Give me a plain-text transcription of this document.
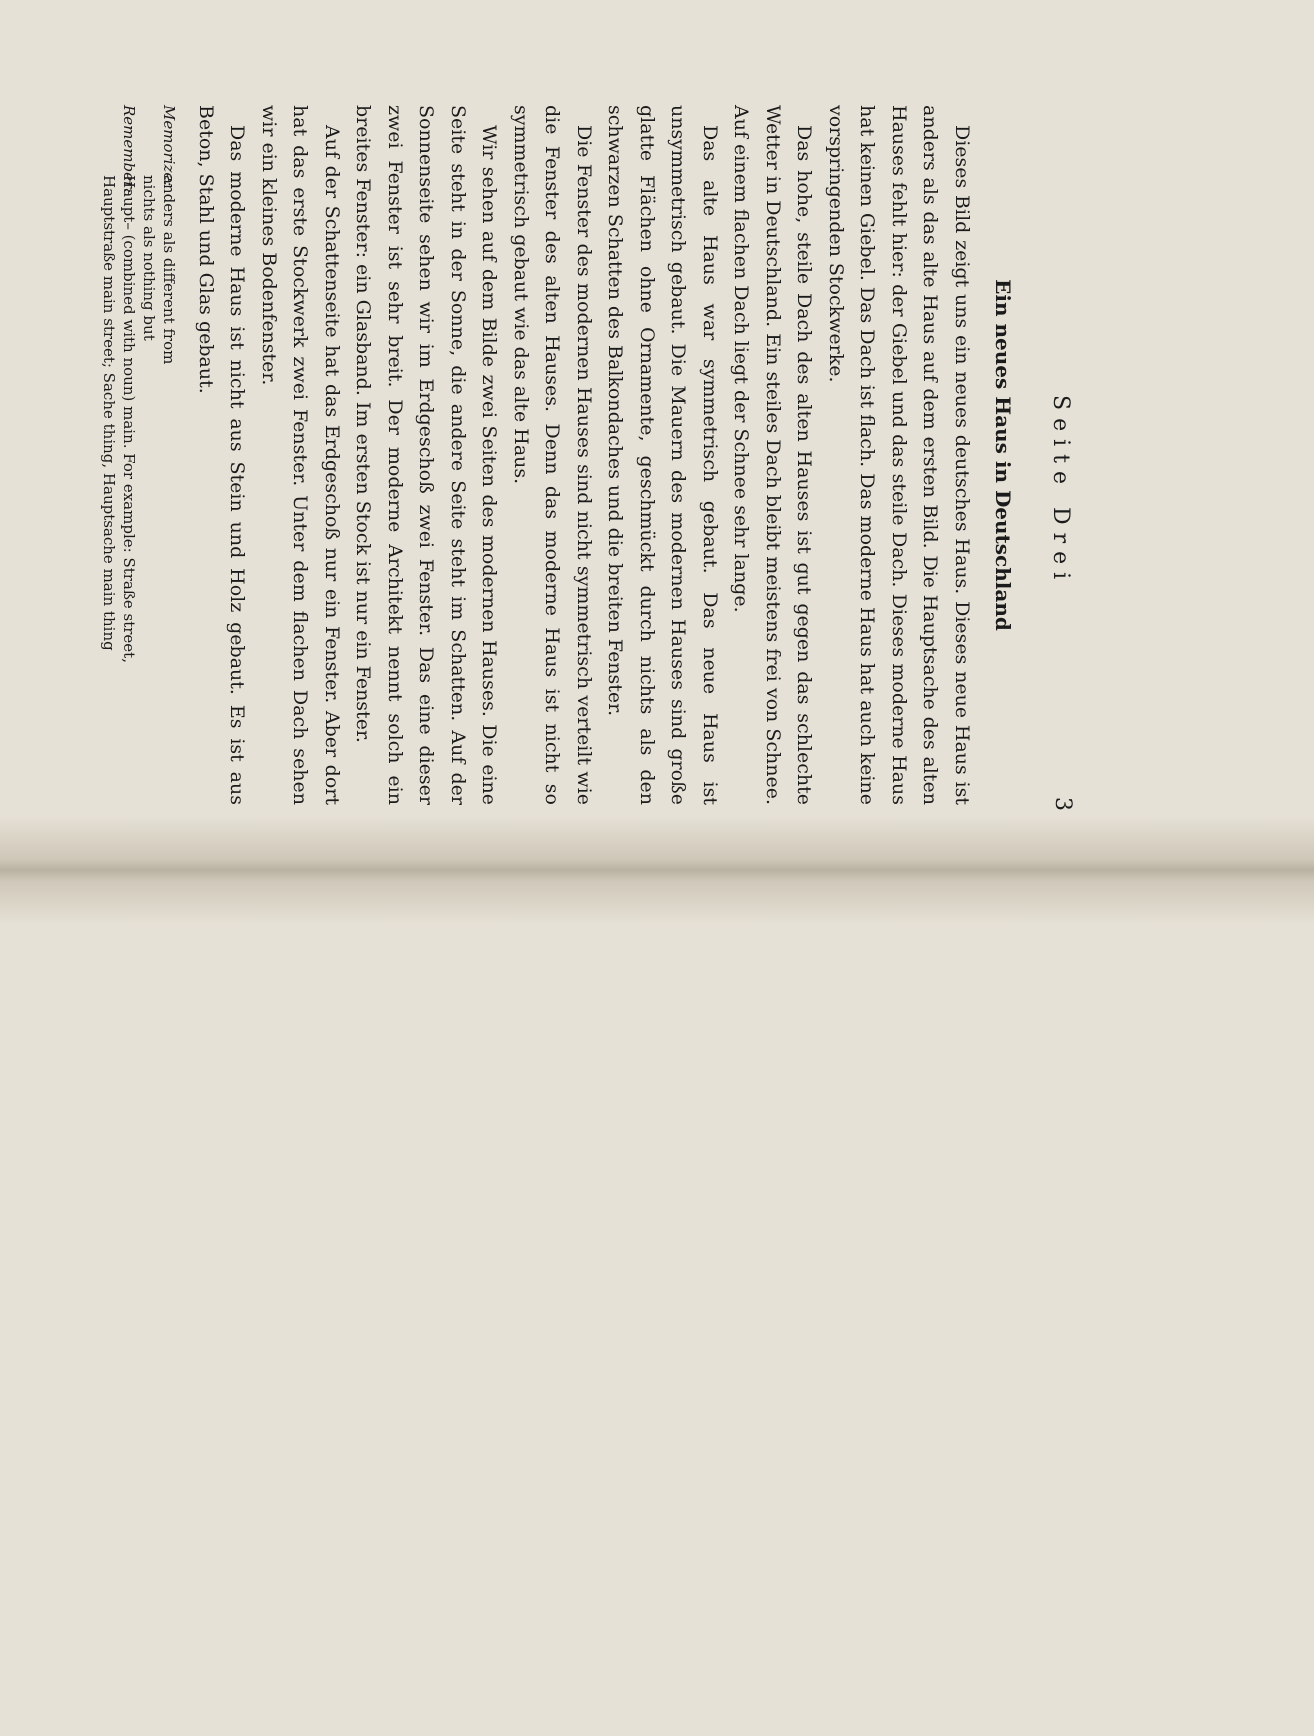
Seite Drei
3

Ein neues Haus in Deutschland

Dieses Bild zeigt uns ein neues deutsches Haus. Dieses neue Haus ist anders als das alte Haus auf dem ersten Bild. Die Hauptsache des alten Hauses fehlt hier: der Giebel und das steile Dach. Dieses moderne Haus hat keinen Giebel. Das Dach ist flach. Das moderne Haus hat auch keine vorspringenden Stockwerke.

Das hohe, steile Dach des alten Hauses ist gut gegen das schlechte Wetter in Deutschland. Ein steiles Dach bleibt meistens frei von Schnee. Auf einem flachen Dach liegt der Schnee sehr lange.

Das alte Haus war symmetrisch gebaut. Das neue Haus ist unsymmetrisch gebaut. Die Mauern des modernen Hauses sind große glatte Flächen ohne Ornamente, geschmückt durch nichts als den schwarzen Schatten des Balkondaches und die breiten Fenster.

Die Fenster des modernen Hauses sind nicht symmetrisch verteilt wie die Fenster des alten Hauses. Denn das moderne Haus ist nicht so symmetrisch gebaut wie das alte Haus.

Wir sehen auf dem Bilde zwei Seiten des modernen Hauses. Die eine Seite steht in der Sonne, die andere Seite steht im Schatten. Auf der Sonnenseite sehen wir im Erdgeschoß zwei Fenster. Das eine dieser zwei Fenster ist sehr breit. Der moderne Architekt nennt solch ein breites Fenster: ein Glasband. Im ersten Stock ist nur ein Fenster.

Auf der Schattenseite hat das Erdgeschoß nur ein Fenster. Aber dort hat das erste Stockwerk zwei Fenster. Unter dem flachen Dach sehen wir ein kleines Bodenfenster.

Das moderne Haus ist nicht aus Stein und Holz gebaut. Es ist aus Beton, Stahl und Glas gebaut.

Memorize:
anders als different from
nichts als nothing but
Remember:
Haupt– (combined with noun) main. For example: Straße street,
Hauptstraße main street; Sache thing, Hauptsache main thing
